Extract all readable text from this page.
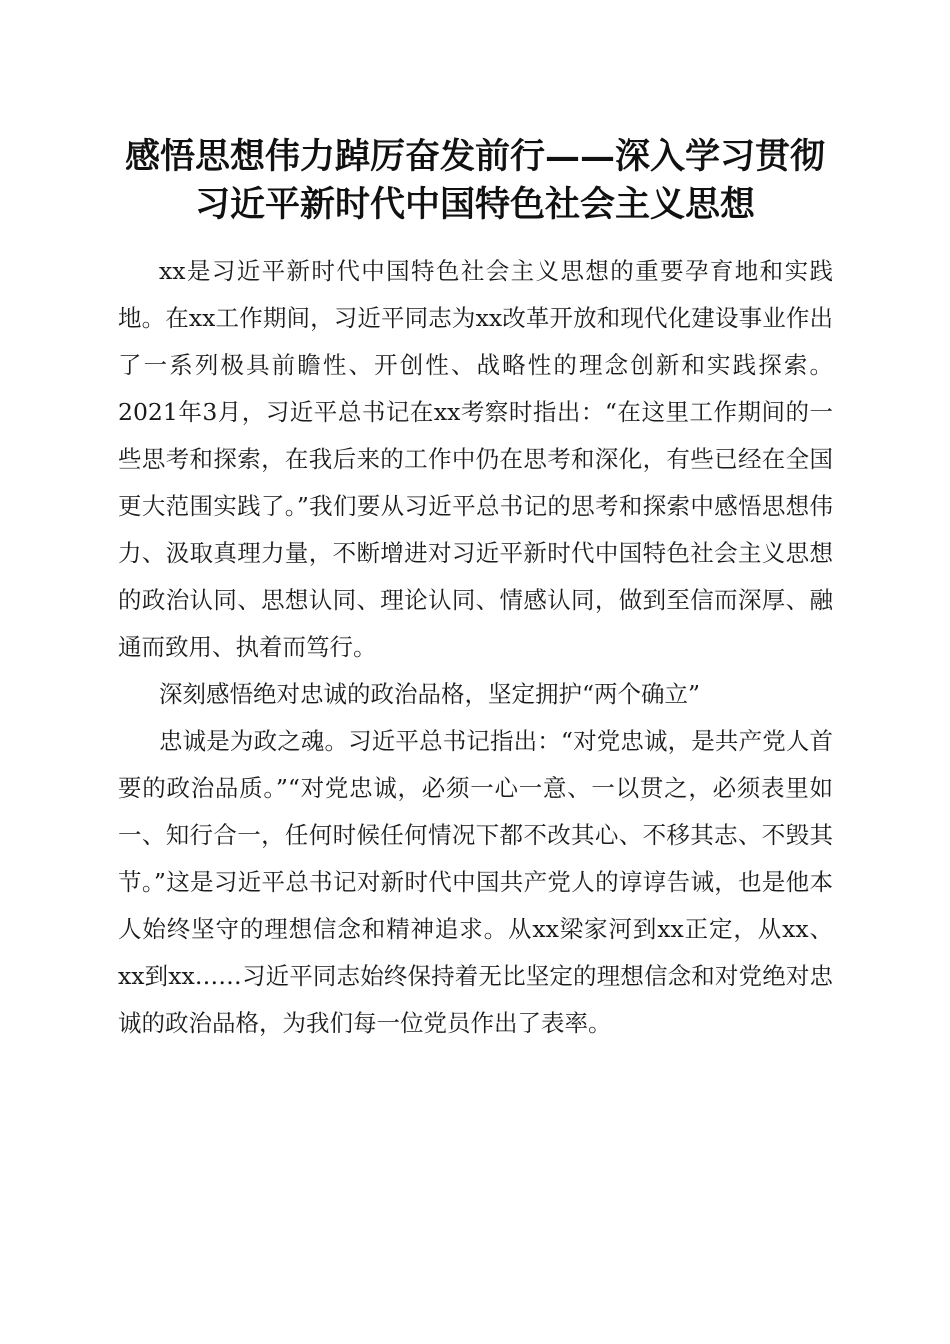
感悟思想伟力踔厉奋发前行——深入学习贯彻
习近平新时代中国特色社会主义思想

xx是习近平新时代中国特色社会主义思想的重要孕育地和实践地。在xx工作期间，习近平同志为xx改革开放和现代化建设事业作出了一系列极具前瞻性、开创性、战略性的理念创新和实践探索。2021年3月，习近平总书记在xx考察时指出：“在这里工作期间的一些思考和探索，在我后来的工作中仍在思考和深化，有些已经在全国更大范围实践了。”我们要从习近平总书记的思考和探索中感悟思想伟力、汲取真理力量，不断增进对习近平新时代中国特色社会主义思想的政治认同、思想认同、理论认同、情感认同，做到至信而深厚、融通而致用、执着而笃行。

深刻感悟绝对忠诚的政治品格，坚定拥护“两个确立”

忠诚是为政之魂。习近平总书记指出：“对党忠诚，是共产党人首要的政治品质。”“对党忠诚，必须一心一意、一以贯之，必须表里如一、知行合一，任何时候任何情况下都不改其心、不移其志、不毁其节。”这是习近平总书记对新时代中国共产党人的谆谆告诫，也是他本人始终坚守的理想信念和精神追求。从xx梁家河到xx正定，从xx、xx到xx……习近平同志始终保持着无比坚定的理想信念和对党绝对忠诚的政治品格，为我们每一位党员作出了表率。
